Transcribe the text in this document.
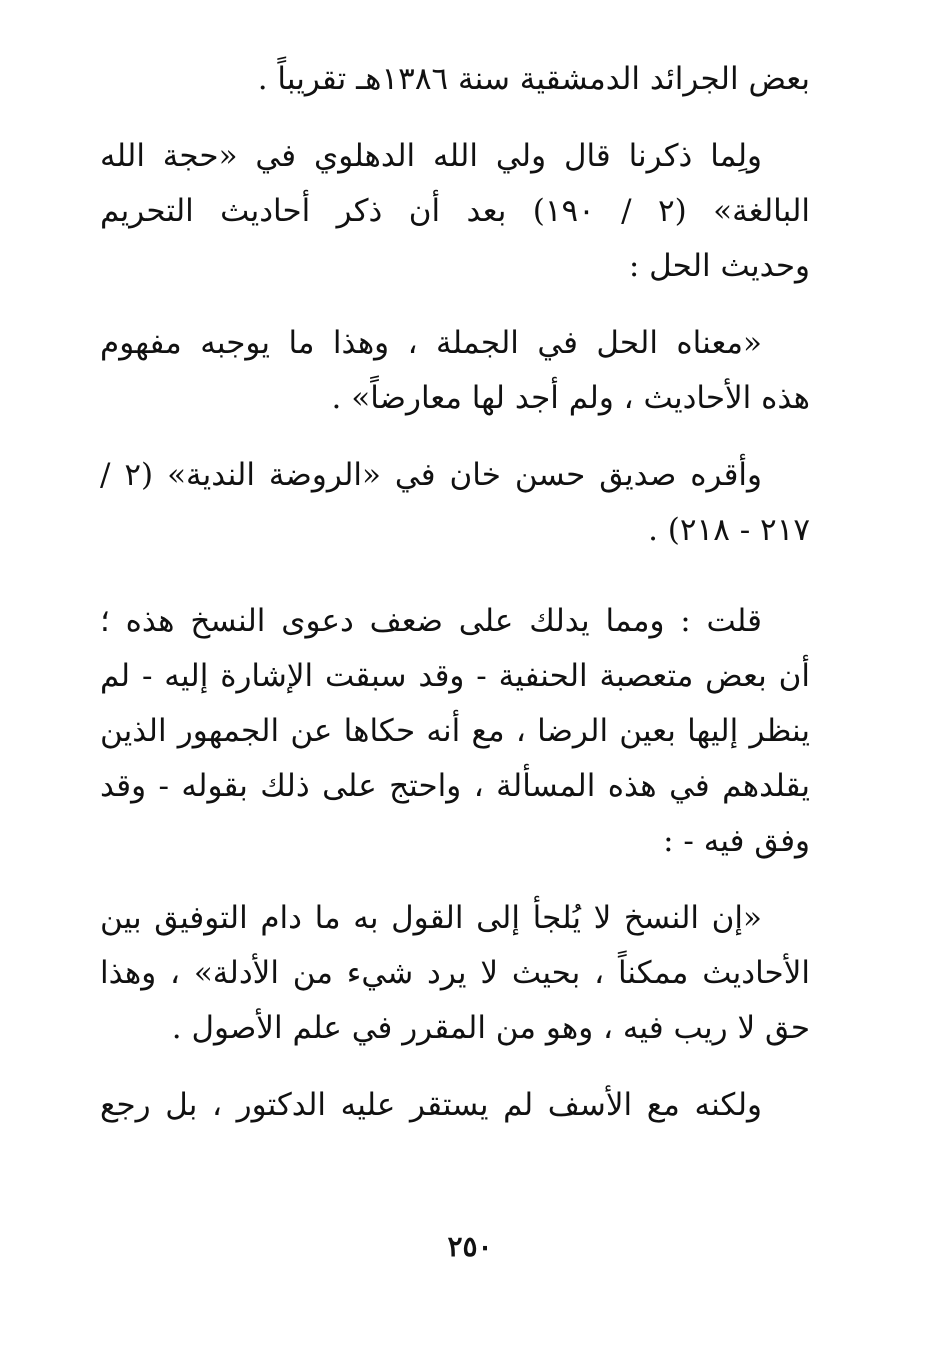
بعض الجرائد الدمشقية سنة ١٣٨٦هـ تقريباً .
ولِما ذكرنا قال ولي الله الدهلوي في «حجة الله
البالغة» (٢ / ١٩٠) بعد أن ذكر أحاديث التحريم
وحديث الحل :
«معناه الحل في الجملة ، وهذا ما يوجبه مفهوم
هذه الأحاديث ، ولم أجد لها معارضاً» .
وأقره صديق حسن خان في «الروضة الندية» (٢ /
٢١٧ - ٢١٨) .
قلت : ومما يدلك على ضعف دعوى النسخ هذه ؛
أن بعض متعصبة الحنفية - وقد سبقت الإشارة إليه - لم
ينظر إليها بعين الرضا ، مع أنه حكاها عن الجمهور الذين
يقلدهم في هذه المسألة ، واحتج على ذلك بقوله - وقد
وفق فيه - :
«إن النسخ لا يُلجأ إلى القول به ما دام التوفيق بين
الأحاديث ممكناً ، بحيث لا يرد شيء من الأدلة» ، وهذا
حق لا ريب فيه ، وهو من المقرر في علم الأصول .
ولكنه مع الأسف لم يستقر عليه الدكتور ، بل رجع
٢٥٠
